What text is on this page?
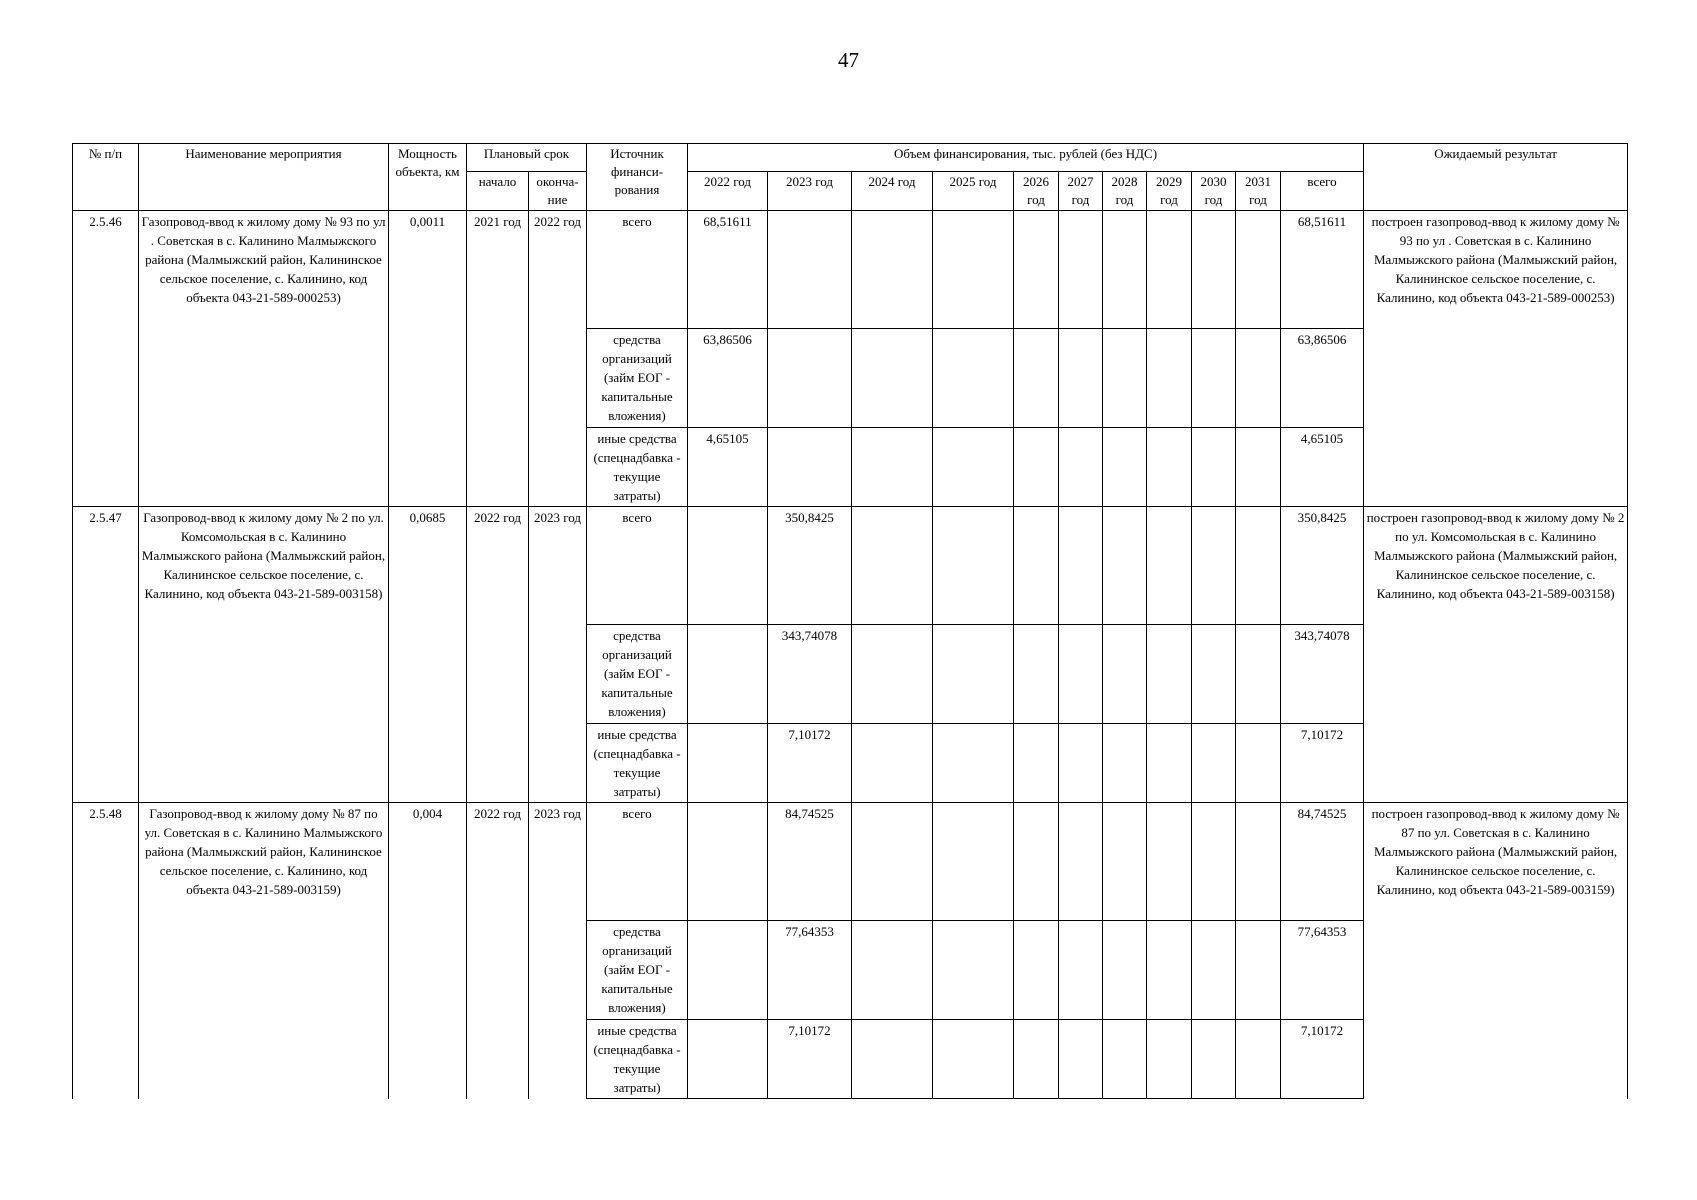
47
№ п/п	Наименование мероприятия	Мощность объекта, км	Плановый срок		Источник финанси-рования	Объем финансирования, тыс. рублей (без НДС)											Ожидаемый результат
			начало	оконча-ние		2022 год	2023 год	2024 год	2025 год	2026 год	2027 год	2028 год	2029 год	2030 год	2031 год	всего	
2.5.46	Газопровод-ввод к жилому дому № 93 по ул . Советская в с. Калинино Малмыжского района (Малмыжский район, Калининское сельское поселение, с. Калинино, код объекта 043-21-589-000253)	0,0011	2021 год	2022 год	всего	68,51611										68,51611	построен газопровод-ввод к жилому дому № 93 по ул . Советская в с. Калинино Малмыжского района (Малмыжский район, Калининское сельское поселение, с. Калинино, код объекта 043-21-589-000253)
					средства организаций (займ ЕОГ - капитальные вложения)	63,86506										63,86506	
					иные средства (спецнадбавка - текущие затраты)	4,65105										4,65105	
2.5.47	Газопровод-ввод к жилому дому № 2 по ул. Комсомольская в с. Калинино Малмыжского района (Малмыжский район, Калининское сельское поселение, с. Калинино, код объекта 043-21-589-003158)	0,0685	2022 год	2023 год	всего		350,8425									350,8425	построен газопровод-ввод к жилому дому № 2 по ул. Комсомольская в с. Калинино Малмыжского района (Малмыжский район, Калининское сельское поселение, с. Калинино, код объекта 043-21-589-003158)
					средства организаций (займ ЕОГ - капитальные вложения)		343,74078									343,74078	
					иные средства (спецнадбавка - текущие затраты)		7,10172									7,10172	
2.5.48	Газопровод-ввод к жилому дому № 87 по ул. Советская в с. Калинино Малмыжского района (Малмыжский район, Калининское сельское поселение, с. Калинино, код объекта 043-21-589-003159)	0,004	2022 год	2023 год	всего		84,74525									84,74525	построен газопровод-ввод к жилому дому № 87 по ул. Советская в с. Калинино Малмыжского района (Малмыжский район, Калининское сельское поселение, с. Калинино, код объекта 043-21-589-003159)
					средства организаций (займ ЕОГ - капитальные вложения)		77,64353									77,64353	
					иные средства (спецнадбавка - текущие затраты)		7,10172									7,10172	
